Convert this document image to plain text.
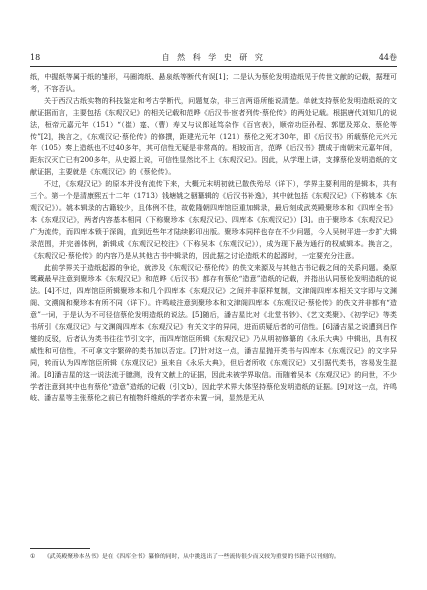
18	自 然 科 学 史 研 究	44卷

纸，中握纸等属于纸的雏形，马圈湾纸、悬泉纸等断代有误[1]；二是认为蔡伦发明造纸见于传世文献的记载，据理可考，不容否认。

关于西汉古纸实物的科技鉴定和考古学断代，问题复杂，非三言两语所能说清楚。单就支持蔡伦发明造纸说的文献证据而言，主要包括《东观汉记》的相关记载和范晔《后汉书·宦者列传·蔡伦传》的两处记载。根据唐代刘知几的说法，桓帝元嘉元年（151）“（崔）寔、（曹）寿又与议郎延笃杂作《百官表》，顺帝功臣孙程、郭愿及郑众、蔡伦等传”[2]，换言之，《东观汉记·蔡伦传》的修撰，距建光元年（121）蔡伦之死才30年，即《后汉书》所载蔡伦元兴元年（105）奏上造纸也不过40多年，其可信性无疑是非常高的。相较而言，范晔《后汉书》撰成于南朝宋元嘉年间，距东汉灭亡已有200多年，从史源上说，可信性显然比不上《东观汉记》。因此，从学理上讲，支撑蔡伦发明造纸的文献证据，主要就是《东观汉记》的《蔡伦传》。

不过，《东观汉记》的原本并没有流传下来，大概元末明初就已散佚殆尽（详下），学界主要利用的是辑本，共有三个。第一个是清康熙五十二年（1713）钱塘姚之骃纂辑的《后汉书补逸》，其中就包括《东观汉记》（下称姚本《东观汉记》）。姚本辑录的古籍较少，且体例不佳，故乾隆朝四库馆臣重加辑录，最后刻成武英殿聚珍本和《四库全书》本《东观汉记》，两者内容基本相同（下称聚珍本《东观汉记》、四库本《东观汉记》）[3]。由于聚珍本《东观汉记》广为流传，而四库本锁于深阁，直到近些年才陆续影印出版。聚珍本同样也存在不少问题，今人吴树平进一步扩大辑录范围，并完善体例，新辑成《东观汉记校注》（下称吴本《东观汉记》），成为现下最为通行的权威辑本。换言之，《东观汉记·蔡伦传》的内容乃是从其他古书中辑录的，因此据之讨论造纸术的起源时，一定要充分注意。

此前学界关于造纸起源的争论，就涉及《东观汉记·蔡伦传》的佚文来源及与其他古书记载之间的关系问题。桑原骘藏最早注意到聚珍本《东观汉记》和范晔《后汉书》都存有蔡伦“造意”造纸的记载，并指出认同蔡伦发明造纸的说法。[4]不过，四库馆臣所辑聚珍本和几个四库本《东观汉记》之间并非原样复制，文津阁四库本相关文字即与文渊阁、文溯阁和聚珍本有所不同（详下）。许鸣岐注意到聚珍本和文津阁四库本《东观汉记·蔡伦传》的佚文并非都有“造意”一词，于是认为不可径信蔡伦发明造纸的说法。[5]随后，潘吉星比对《北堂书钞》、《艺文类聚》、《初学记》等类书所引《东观汉记》与文渊阁四库本《东观汉记》有关文字的异同，进而质疑后者的可信性。[6]潘吉星之说遭到吕作燮的反驳，后者认为类书往往节引文字，而四库馆臣所辑《东观汉记》乃从明初修纂的《永乐大典》中辑出，具有权威性和可信性，不可拿文字繁碎的类书加以否定。[7]针对这一点，潘吉星抛开类书与四库本《东观汉记》的文字异同，转而认为四库馆臣所辑《东观汉记》虽来自《永乐大典》，但后者所收《东观汉记》又引据代类书，容易发生混淆。[8]潘吉星的这一说法流于臆测，没有文献上的证据，因此未被学界取信。而随着吴本《东观汉记》的问世，不少学者注意到其中也有蔡伦“造意”造纸的记载（引文b），因此学术界大体坚持蔡伦发明造纸的证据。[9]对这一点，许鸣岐、潘吉星等主张蔡伦之前已有植物纤维纸的学者亦未置一词，显然是无从

①	《武英殿聚珍本丛书》是在《四库全书》纂修的同时，从中挑选出了一些流传很少而又较为重要的书籍予以刊刻的。
